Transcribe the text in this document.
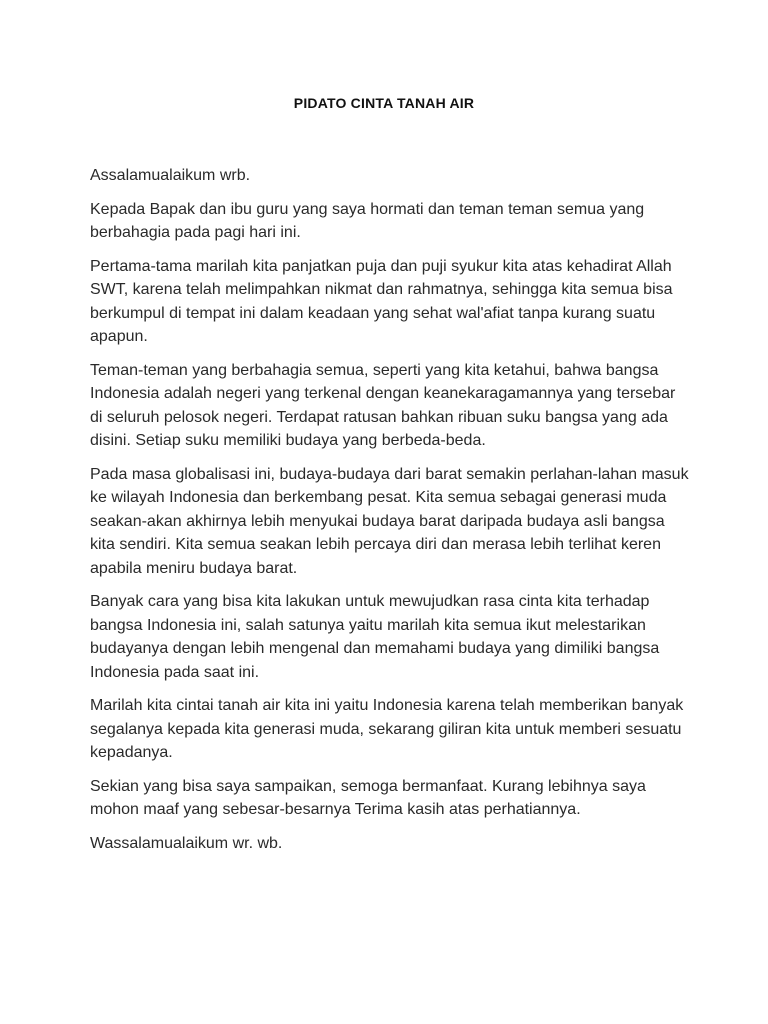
PIDATO CINTA TANAH AIR

Assalamualaikum wrb.

Kepada Bapak dan ibu guru yang saya hormati dan teman teman semua yang berbahagia pada pagi hari ini.

Pertama-tama marilah kita panjatkan puja dan puji syukur kita atas kehadirat Allah SWT, karena telah melimpahkan nikmat dan rahmatnya, sehingga kita semua bisa berkumpul di tempat ini dalam keadaan yang sehat wal'afiat tanpa kurang suatu apapun.

Teman-teman yang berbahagia semua, seperti yang kita ketahui, bahwa bangsa Indonesia adalah negeri yang terkenal dengan keanekaragamannya yang tersebar di seluruh pelosok negeri. Terdapat ratusan bahkan ribuan suku bangsa yang ada disini. Setiap suku memiliki budaya yang berbeda-beda.

Pada masa globalisasi ini, budaya-budaya dari barat semakin perlahan-lahan masuk ke wilayah Indonesia dan berkembang pesat. Kita semua sebagai generasi muda seakan-akan akhirnya lebih menyukai budaya barat daripada budaya asli bangsa kita sendiri. Kita semua seakan lebih percaya diri dan merasa lebih terlihat keren apabila meniru budaya barat.

Banyak cara yang bisa kita lakukan untuk mewujudkan rasa cinta kita terhadap bangsa Indonesia ini, salah satunya yaitu marilah kita semua ikut melestarikan budayanya dengan lebih mengenal dan memahami budaya yang dimiliki bangsa Indonesia pada saat ini.

Marilah kita cintai tanah air kita ini yaitu Indonesia karena telah memberikan banyak segalanya kepada kita generasi muda, sekarang giliran kita untuk memberi sesuatu kepadanya.

Sekian yang bisa saya sampaikan, semoga bermanfaat. Kurang lebihnya saya mohon maaf yang sebesar-besarnya Terima kasih atas perhatiannya.

Wassalamualaikum wr. wb.
